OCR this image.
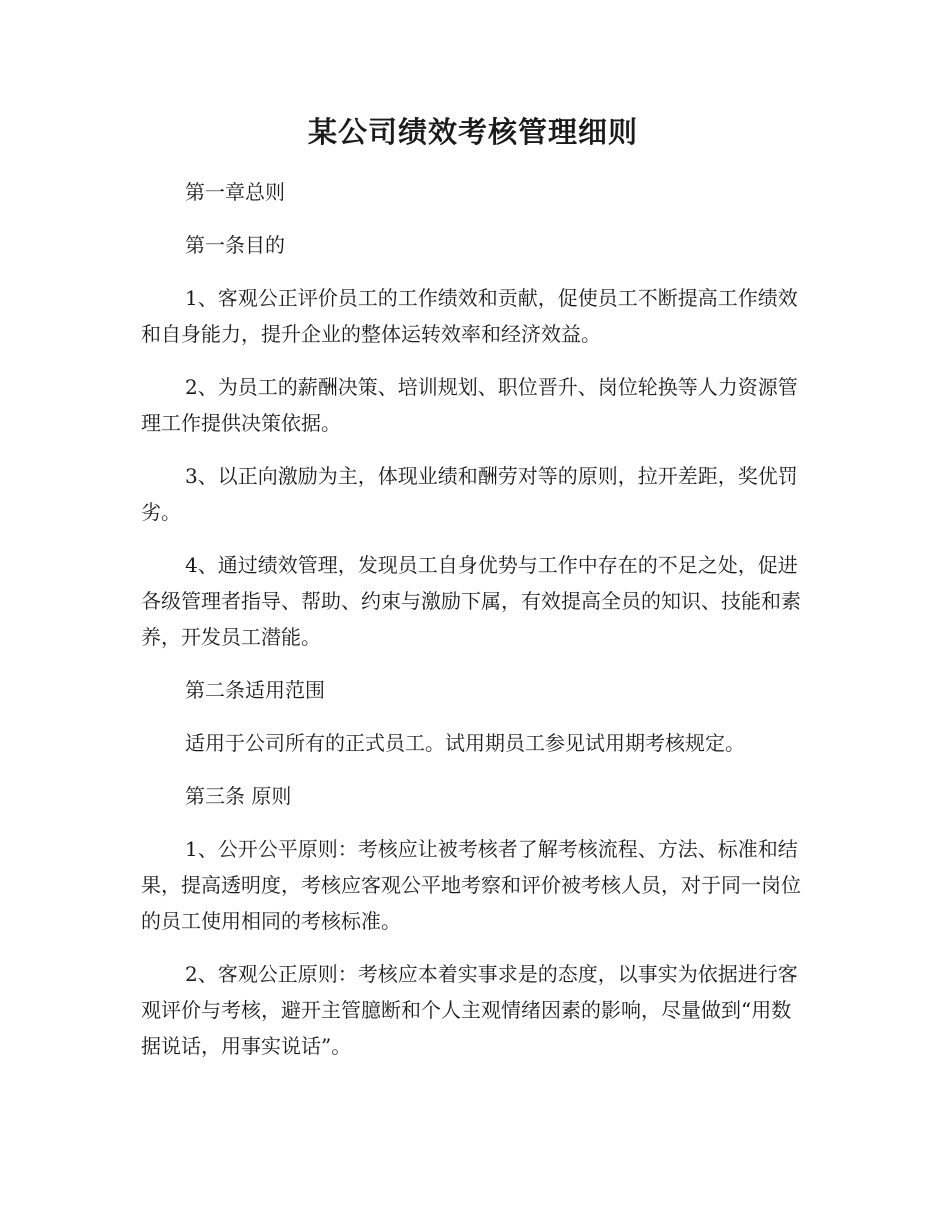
某公司绩效考核管理细则

第一章总则

第一条目的

1、客观公正评价员工的工作绩效和贡献，促使员工不断提高工作绩效和自身能力，提升企业的整体运转效率和经济效益。

2、为员工的薪酬决策、培训规划、职位晋升、岗位轮换等人力资源管理工作提供决策依据。

3、以正向激励为主，体现业绩和酬劳对等的原则，拉开差距，奖优罚劣。

4、通过绩效管理，发现员工自身优势与工作中存在的不足之处，促进各级管理者指导、帮助、约束与激励下属，有效提高全员的知识、技能和素养，开发员工潜能。

第二条适用范围

适用于公司所有的正式员工。试用期员工参见试用期考核规定。

第三条 原则

1、公开公平原则：考核应让被考核者了解考核流程、方法、标准和结果，提高透明度，考核应客观公平地考察和评价被考核人员，对于同一岗位的员工使用相同的考核标准。

2、客观公正原则：考核应本着实事求是的态度，以事实为依据进行客观评价与考核，避开主管臆断和个人主观情绪因素的影响，尽量做到“用数据说话，用事实说话”。
